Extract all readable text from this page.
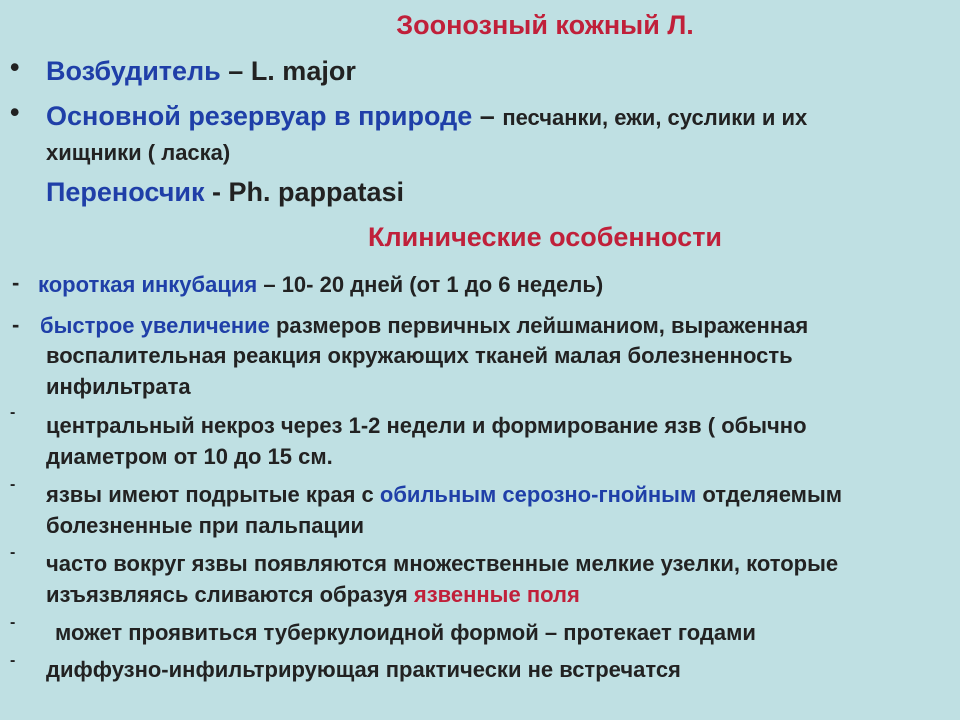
Зоонозный кожный Л.
• Возбудитель – L. major
• Основной резервуар в природе – песчанки, ежи, суслики и их
хищники ( ласка)
Переносчик - Ph. pappatasi
Клинические особенности
- короткая инкубация – 10- 20 дней (от 1 до 6 недель)
- быстрое увеличение размеров первичных лейшманиом, выраженная
воспалительная реакция окружающих тканей малая болезненность
инфильтрата
-
центральный некроз через 1-2 недели и формирование язв ( обычно
диаметром от 10 до 15 см.
- язвы имеют подрытые края с обильным серозно-гнойным отделяемым
болезненные при пальпации
- часто вокруг язвы появляются множественные мелкие узелки, которые
изъязвляясь сливаются образуя язвенные поля
- может проявиться туберкулоидной формой – протекает годами
- диффузно-инфильтрирующая практически не встречатся
